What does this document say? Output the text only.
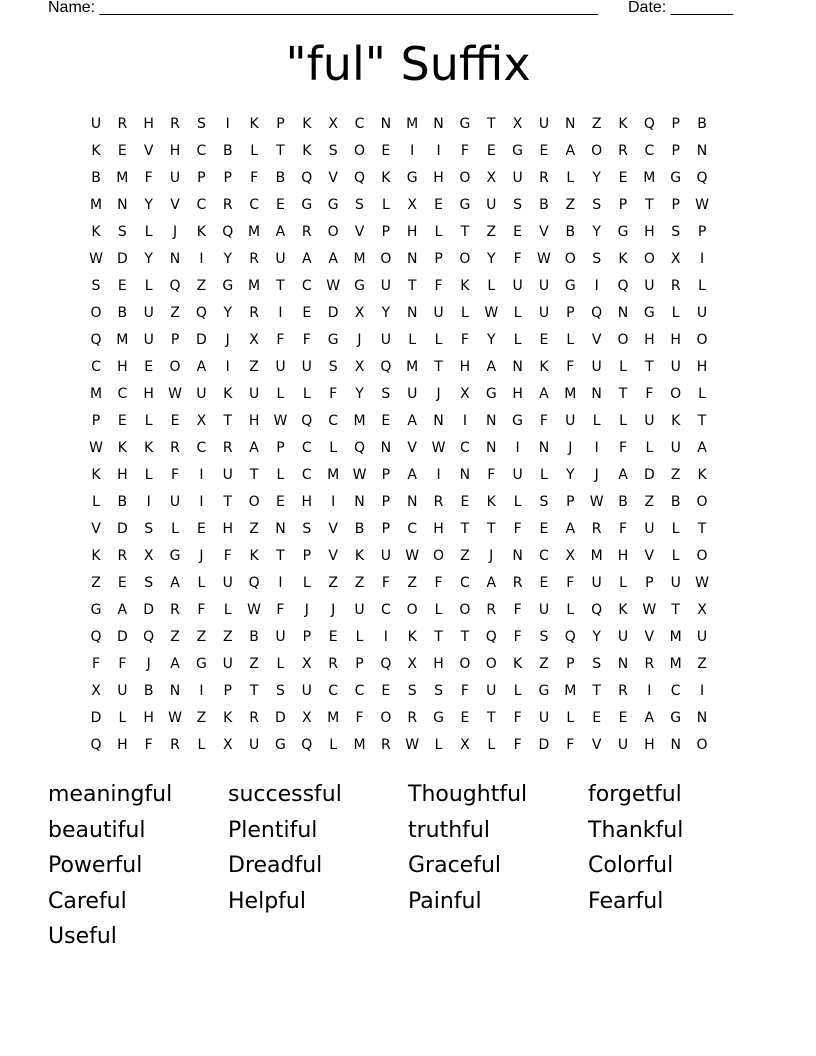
Name: ________________________________________________________ Date: _______
"ful" Suffix
U	R	H	R	S	I	K	P	K	X	C	N	M	N	G	T	X	U	N	Z	K	Q	P	B
K	E	V	H	C	B	L	T	K	S	O	E	I	I	F	E	G	E	A	O	R	C	P	N
B	M	F	U	P	P	F	B	Q	V	Q	K	G	H	O	X	U	R	L	Y	E	M	G	Q
M	N	Y	V	C	R	C	E	G	G	S	L	X	E	G	U	S	B	Z	S	P	T	P	W
K	S	L	J	K	Q	M	A	R	O	V	P	H	L	T	Z	E	V	B	Y	G	H	S	P
W	D	Y	N	I	Y	R	U	A	A	M	O	N	P	O	Y	F	W O	S	K	O	X	I
S	E	L	Q	Z	G	M	T	C	W	G	U	T	F	K	L	U	U	G	I	Q	U	R	L
O	B	U	Z	Q	Y	R	I	E	D	X	Y	N	U	L	W	L	U	P	Q	N	G	L	U
Q	M	U	P	D	J	X	F	F	G	J	U	L	L	F	Y	L	E	L	V	O	H	H	O
C	H	E	O	A	I	Z	U	U	S	X	Q	M	T	H	A	N	K	F	U	L	T	U	H
M	C	H	W	U	K	U	L	L	F	Y	S	U	J	X	G	H	A	M	N	T	F	O	L
P	E	L	E	X	T	H	W Q	C	M	E	A	N	I	N	G	F	U	L	L	U	K	T
W	K	K	R	C	R	A	P	C	L	Q	N	V	W	C	N	I	N	J	I	F	L	U	A
K	H	L	F	I	U	T	L	C	M W	P	A	I	N	F	U	L	Y	J	A	D	Z	K
L	B	I	U	I	T	O	E	H	I	N	P	N	R	E	K	L	S	P	W	B	Z	B	O
V	D	S	L	E	H	Z	N	S	V	B	P	C	H	T	T	F	E	A	R	F	U	L	T
K	R	X	G	J	F	K	T	P	V	K	U	W O	Z	J	N	C	X	M	H	V	L	O
Z	E	S	A	L	U	Q	I	L	Z	Z	F	Z	F	C	A	R	E	F	U	L	P	U	W
G	A	D	R	F	L	W	F	J	J	U	C	O	L	O	R	F	U	L	Q	K	W	T	X
Q	D	Q	Z	Z	Z	B	U	P	E	L	I	K	T	T	Q	F	S	Q	Y	U	V	M	U
F	F	J	A	G	U	Z	L	X	R	P	Q	X	H	O	O	K	Z	P	S	N	R	M	Z
X	U	B	N	I	P	T	S	U	C	C	E	S	S	F	U	L	G	M	T	R	I	C	I
D	L	H	W	Z	K	R	D	X	M	F	O	R	G	E	T	F	U	L	E	E	A	G	N
Q	H	F	R	L	X	U	G	Q	L	M	R	W	L	X	L	F	D	F	V	U	H	N	O
meaningful	successful	Thoughtful	forgetful
beautiful	Plentiful	truthful	Thankful
Powerful	Dreadful	Graceful	Colorful
Careful	Helpful	Painful	Fearful
Useful
